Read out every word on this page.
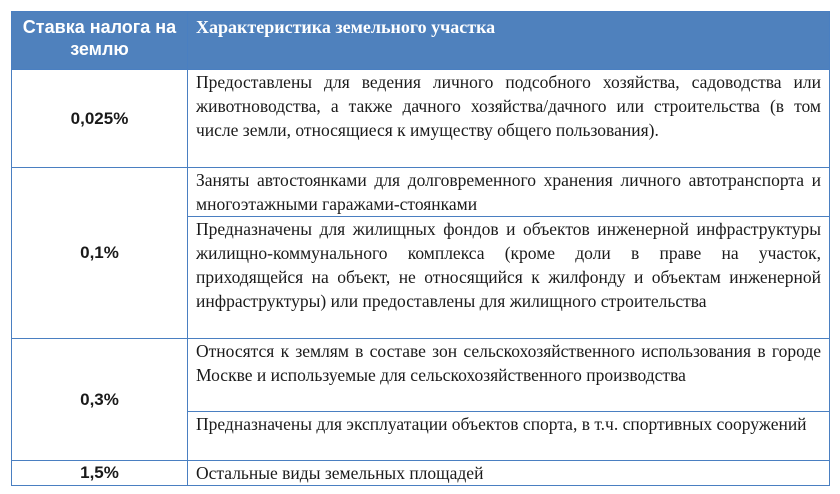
Ставка налога на землю	Характеристика земельного участка
0,025%	Предоставлены для ведения личного подсобного хозяйства, садоводства или животноводства, а также дачного хозяйства/дачного или строительства (в том числе земли, относящиеся к имуществу общего пользования).
0,1%	Заняты автостоянками для долговременного хранения личного автотранспорта и многоэтажными гаражами-стоянками
	Предназначены для жилищных фондов и объектов инженерной инфраструктуры жилищно-коммунального комплекса (кроме доли в праве на участок, приходящейся на объект, не относящийся к жилфонду и объектам инженерной инфраструктуры) или предоставлены для жилищного строительства
0,3%	Относятся к землям в составе зон сельскохозяйственного использования в городе Москве и используемые для сельскохозяйственного производства
	Предназначены для эксплуатации объектов спорта, в т.ч. спортивных сооружений
1,5%	Остальные виды земельных площадей
